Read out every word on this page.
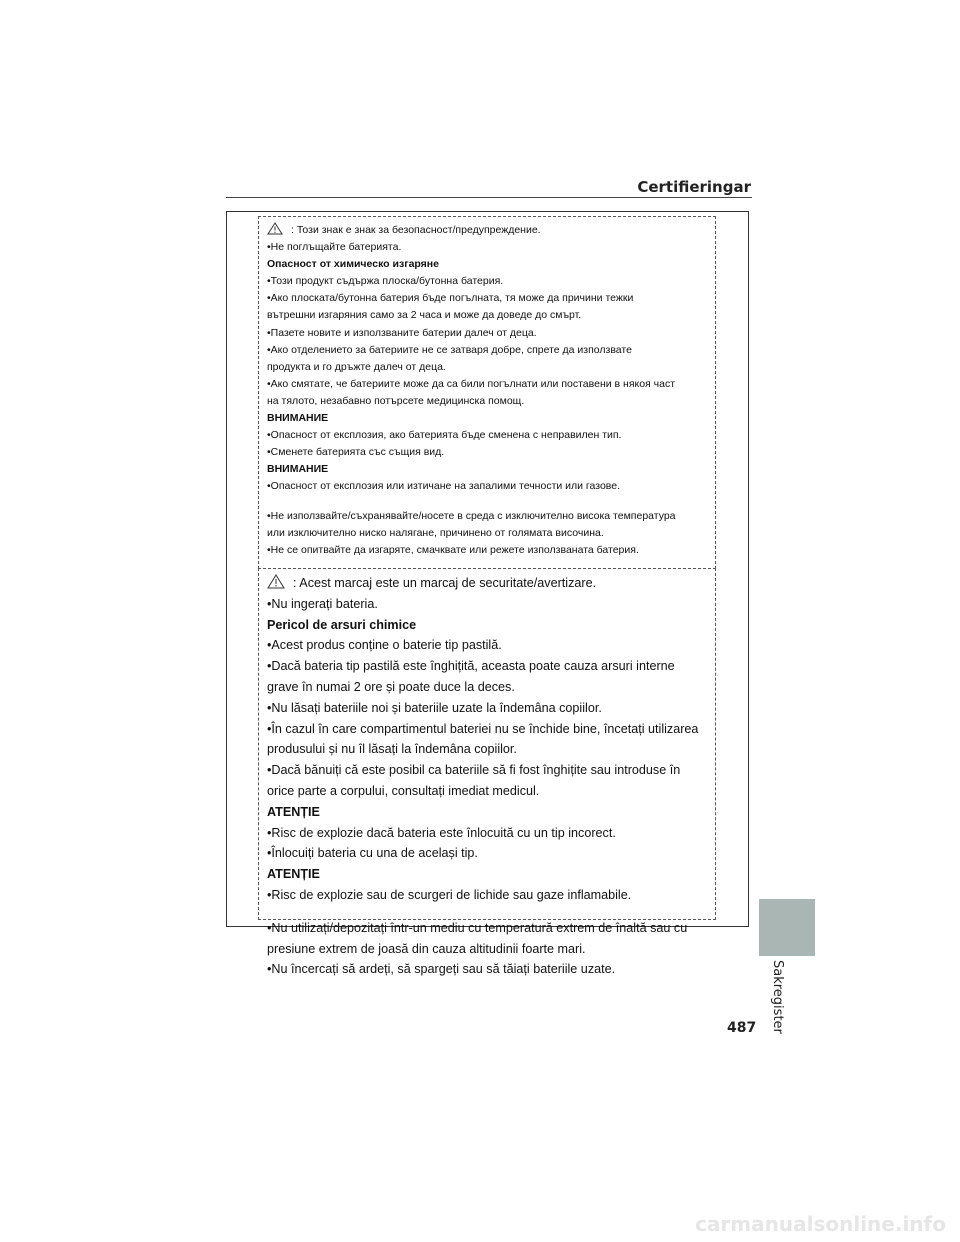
Certifieringar

: Този знак е знак за безопасност/предупреждение.

•Не поглъщайте батерията.

Опасност от химическо изгаряне

•Този продукт съдържа плоска/бутонна батерия.

•Ако плоската/бутонна батерия бъде погълната, тя може да причини тежки

вътрешни изгаряния само за 2 часа и може да доведе до смърт.

•Пазете новите и използваните батерии далеч от деца.

•Ако отделението за батериите не се затваря добре, спрете да използвате

продукта и го дръжте далеч от деца.

•Ако смятате, че батериите може да са били погълнати или поставени в някоя част

на тялото, незабавно потърсете медицинска помощ.

ВНИМАНИЕ

•Опасност от експлозия, ако батерията бъде сменена с неправилен тип.

•Сменете батерията със същия вид.

ВНИМАНИЕ

•Опасност от експлозия или изтичане на запалими течности или газове.

•Не използвайте/съхранявайте/носете в среда с изключително висока температура

или изключително ниско налягане, причинено от голямата височина.

•Не се опитвайте да изгаряте, смачквате или режете използваната батерия.

: Acest marcaj este un marcaj de securitate/avertizare.

•Nu ingerați bateria.

Pericol de arsuri chimice

•Acest produs conține o baterie tip pastilă.

•Dacă bateria tip pastilă este înghițită, aceasta poate cauza arsuri interne

grave în numai 2 ore și poate duce la deces.

•Nu lăsați bateriile noi și bateriile uzate la îndemâna copiilor.

•În cazul în care compartimentul bateriei nu se închide bine, încetați utilizarea

produsului și nu îl lăsați la îndemâna copiilor.

•Dacă bănuiți că este posibil ca bateriile să fi fost înghițite sau introduse în

orice parte a corpului, consultați imediat medicul.

ATENȚIE

•Risc de explozie dacă bateria este înlocuită cu un tip incorect.

•Înlocuiți bateria cu una de același tip.

ATENȚIE

•Risc de explozie sau de scurgeri de lichide sau gaze inflamabile.

•Nu utilizați/depozitați într-un mediu cu temperatură extrem de înaltă sau cu

presiune extrem de joasă din cauza altitudinii foarte mari.

•Nu încercați să ardeți, să spargeți sau să tăiați bateriile uzate.	Sakregister
487
carmanualsonline.info
